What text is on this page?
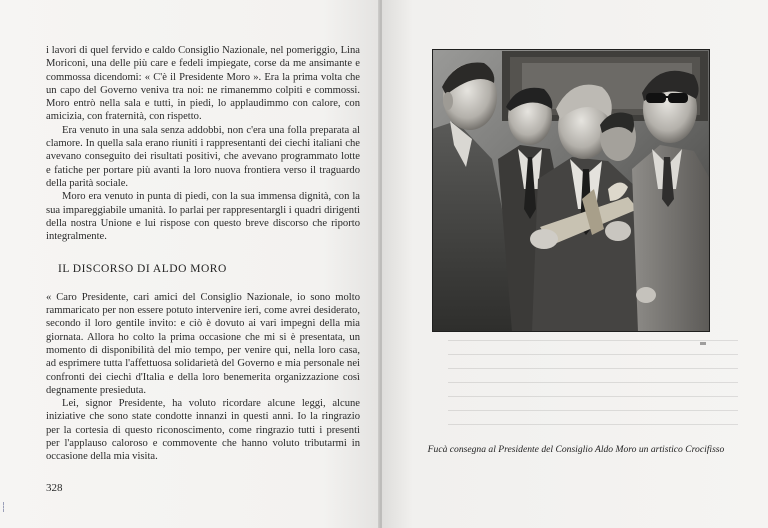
i lavori di quel fervido e caldo Consiglio Nazionale, nel pomeriggio, Lina Moriconi, una delle più care e fedeli impiegate, corse da me ansimante e commossa dicendomi: « C'è il Presidente Moro ». Era la prima volta che un capo del Governo veniva tra noi: ne rimanemmo colpiti e commossi. Moro entrò nella sala e tutti, in piedi, lo applaudimmo con calore, con amicizia, con fraternità, con rispetto.

Era venuto in una sala senza addobbi, non c'era una folla preparata al clamore. In quella sala erano riuniti i rappresentanti dei ciechi italiani che avevano conseguito dei risultati positivi, che avevano programmato lotte e fatiche per portare più avanti la loro nuova frontiera verso il traguardo della parità sociale.

Moro era venuto in punta di piedi, con la sua immensa dignità, con la sua impareggiabile umanità. Io parlai per rappresentargli i quadri dirigenti della nostra Unione e lui rispose con questo breve discorso che riporto integralmente.

IL DISCORSO DI ALDO MORO

« Caro Presidente, cari amici del Consiglio Nazionale, io sono molto rammaricato per non essere potuto intervenire ieri, come avrei desiderato, secondo il loro gentile invito: e ciò è dovuto ai vari impegni della mia giornata. Allora ho colto la prima occasione che mi si è presentata, un momento di disponibilità del mio tempo, per venire qui, nella loro casa, ad esprimere tutta l'affettuosa solidarietà del Governo e mia personale nei confronti dei ciechi d'Italia e della loro benemerita organizzazione così degnamente presieduta.

Lei, signor Presidente, ha voluto ricordare alcune leggi, alcune iniziative che sono state condotte innanzi in questi anni. Io la ringrazio per la cortesia di questo riconoscimento, come ringrazio tutti i presenti per l'applauso caloroso e commovente che hanno voluto tributarmi in occasione della mia visita.

328
Fucà consegna al Presidente del Consiglio Aldo Moro un artistico Crocifisso
